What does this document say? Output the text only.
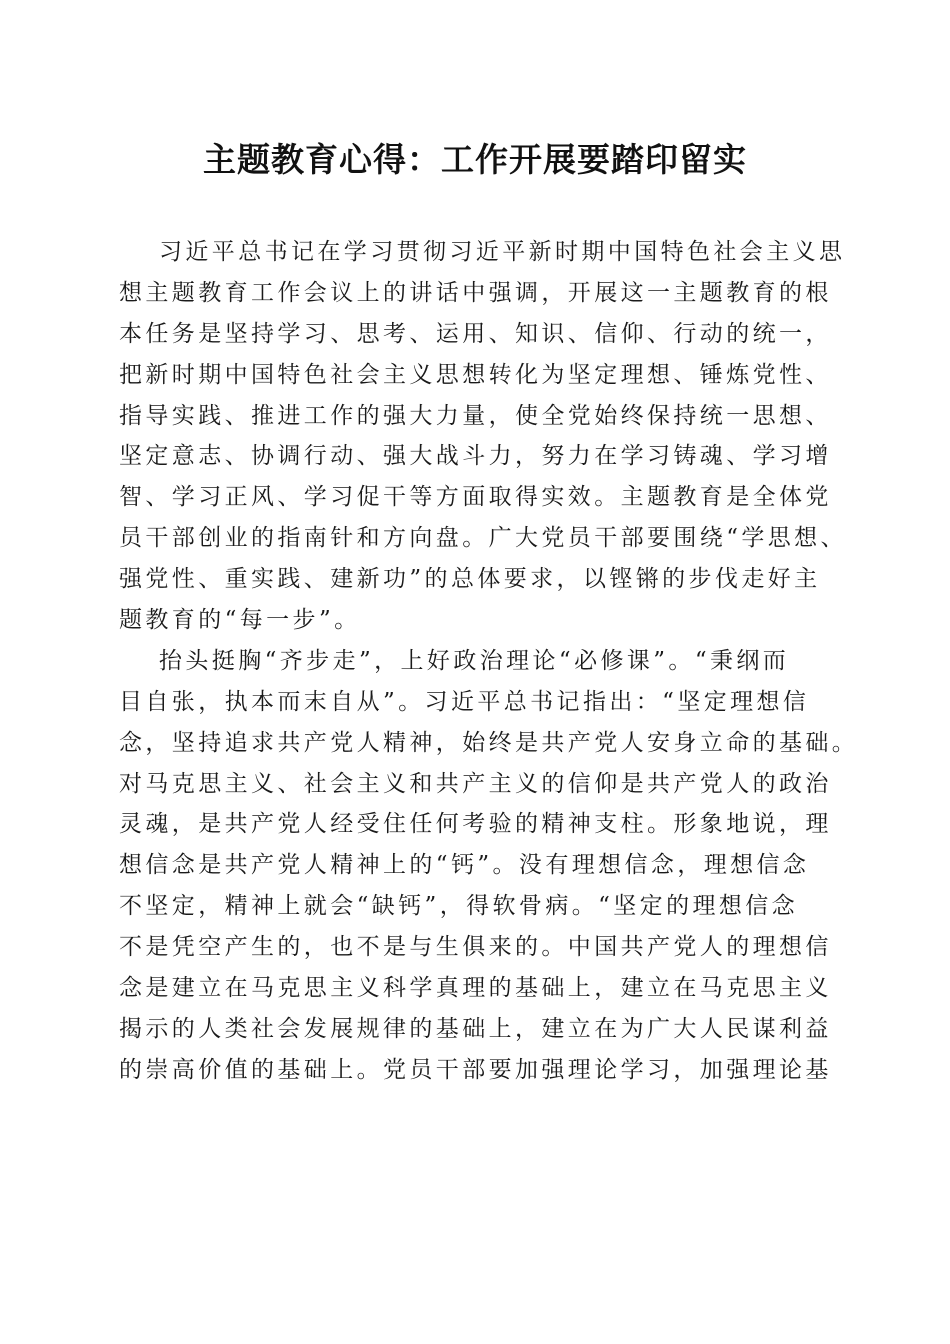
主题教育心得：工作开展要踏印留实
习近平总书记在学习贯彻习近平新时期中国特色社会主义思
想主题教育工作会议上的讲话中强调，开展这一主题教育的根
本任务是坚持学习、思考、运用、知识、信仰、行动的统一，
把新时期中国特色社会主义思想转化为坚定理想、锤炼党性、
指导实践、推进工作的强大力量，使全党始终保持统一思想、
坚定意志、协调行动、强大战斗力，努力在学习铸魂、学习增
智、学习正风、学习促干等方面取得实效。主题教育是全体党
员干部创业的指南针和方向盘。广大党员干部要围绕“学思想、
强党性、重实践、建新功”的总体要求，以铿锵的步伐走好主
题教育的“每一步”。
抬头挺胸“齐步走”，上好政治理论“必修课”。“秉纲而
目自张，执本而末自从”。习近平总书记指出：“坚定理想信
念，坚持追求共产党人精神，始终是共产党人安身立命的基础。
对马克思主义、社会主义和共产主义的信仰是共产党人的政治
灵魂，是共产党人经受住任何考验的精神支柱。形象地说，理
想信念是共产党人精神上的“钙”。没有理想信念，理想信念
不坚定，精神上就会“缺钙”，得软骨病。“坚定的理想信念
不是凭空产生的，也不是与生俱来的。中国共产党人的理想信
念是建立在马克思主义科学真理的基础上，建立在马克思主义
揭示的人类社会发展规律的基础上，建立在为广大人民谋利益
的崇高价值的基础上。党员干部要加强理论学习，加强理论基
